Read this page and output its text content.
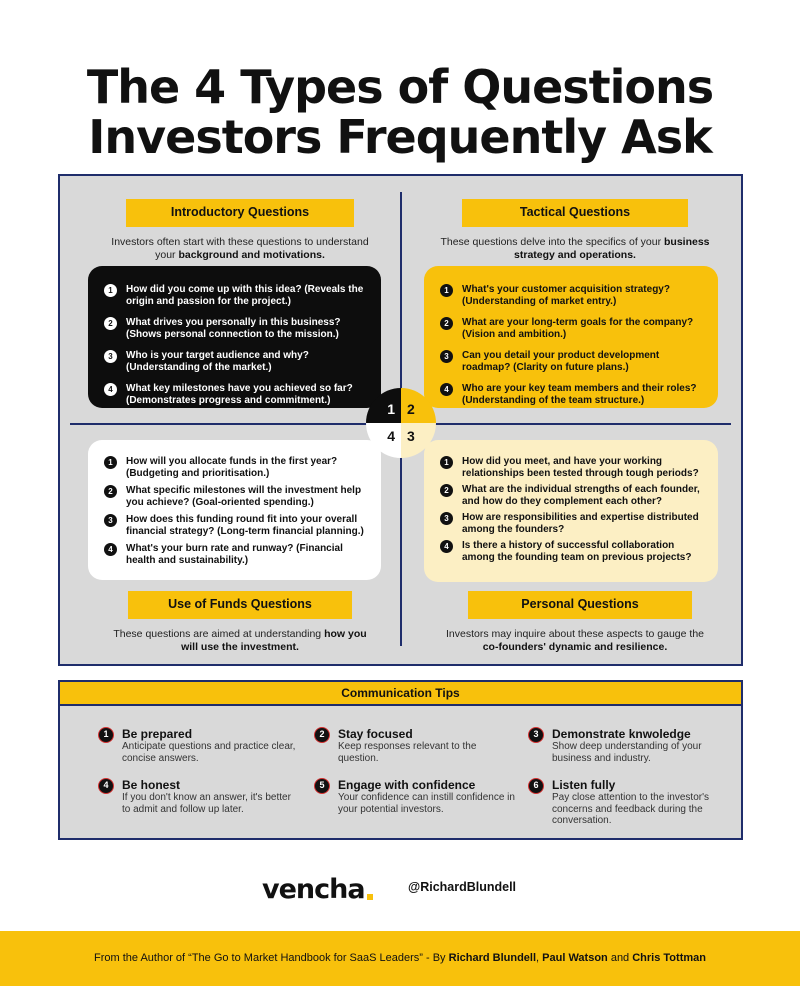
The 4 Types of Questions
Investors Frequently Ask
Introductory Questions
Investors often start with these questions to understand your background and motivations.
1	How did you come up with this idea? (Reveals the origin and passion for the project.)
2	What drives you personally in this business? (Shows personal connection to the mission.)
3	Who is your target audience and why? (Understanding of the market.)
4	What key milestones have you achieved so far? (Demonstrates progress and commitment.)
Tactical Questions
These questions delve into the specifics of your business strategy and operations.
1	What's your customer acquisition strategy? (Understanding of market entry.)
2	What are your long-term goals for the company? (Vision and ambition.)
3	Can you detail your product development roadmap? (Clarity on future plans.)
4	Who are your key team members and their roles? (Understanding of the team structure.)
1	How will you allocate funds in the first year? (Budgeting and prioritisation.)
2	What specific milestones will the investment help you achieve? (Goal-oriented spending.)
3	How does this funding round fit into your overall financial strategy? (Long-term financial planning.)
4	What's your burn rate and runway? (Financial health and sustainability.)
Use of Funds Questions
These questions are aimed at understanding how you will use the investment.
1	How did you meet, and have your working relationships been tested through tough periods?
2	What are the individual strengths of each founder, and how do they complement each other?
3	How are responsibilities and expertise distributed among the founders?
4	Is there a history of successful collaboration among the founding team on previous projects?
Personal Questions
Investors may inquire about these aspects to gauge the co-founders' dynamic and resilience.
1 2
4 3
Communication Tips
1	Be prepared
Anticipate questions and practice clear, concise answers.
2	Stay focused
Keep responses relevant to the question.
3	Demonstrate knwoledge
Show deep understanding of your business and industry.
4	Be honest
If you don't know an answer, it's better to admit and follow up later.
5	Engage with confidence
Your confidence can instill confidence in your potential investors.
6	Listen fully
Pay close attention to the investor's concerns and feedback during the conversation.
vencha	@RichardBlundell
From the Author of “The Go to Market Handbook for SaaS Leaders” - By Richard Blundell, Paul Watson and Chris Tottman
